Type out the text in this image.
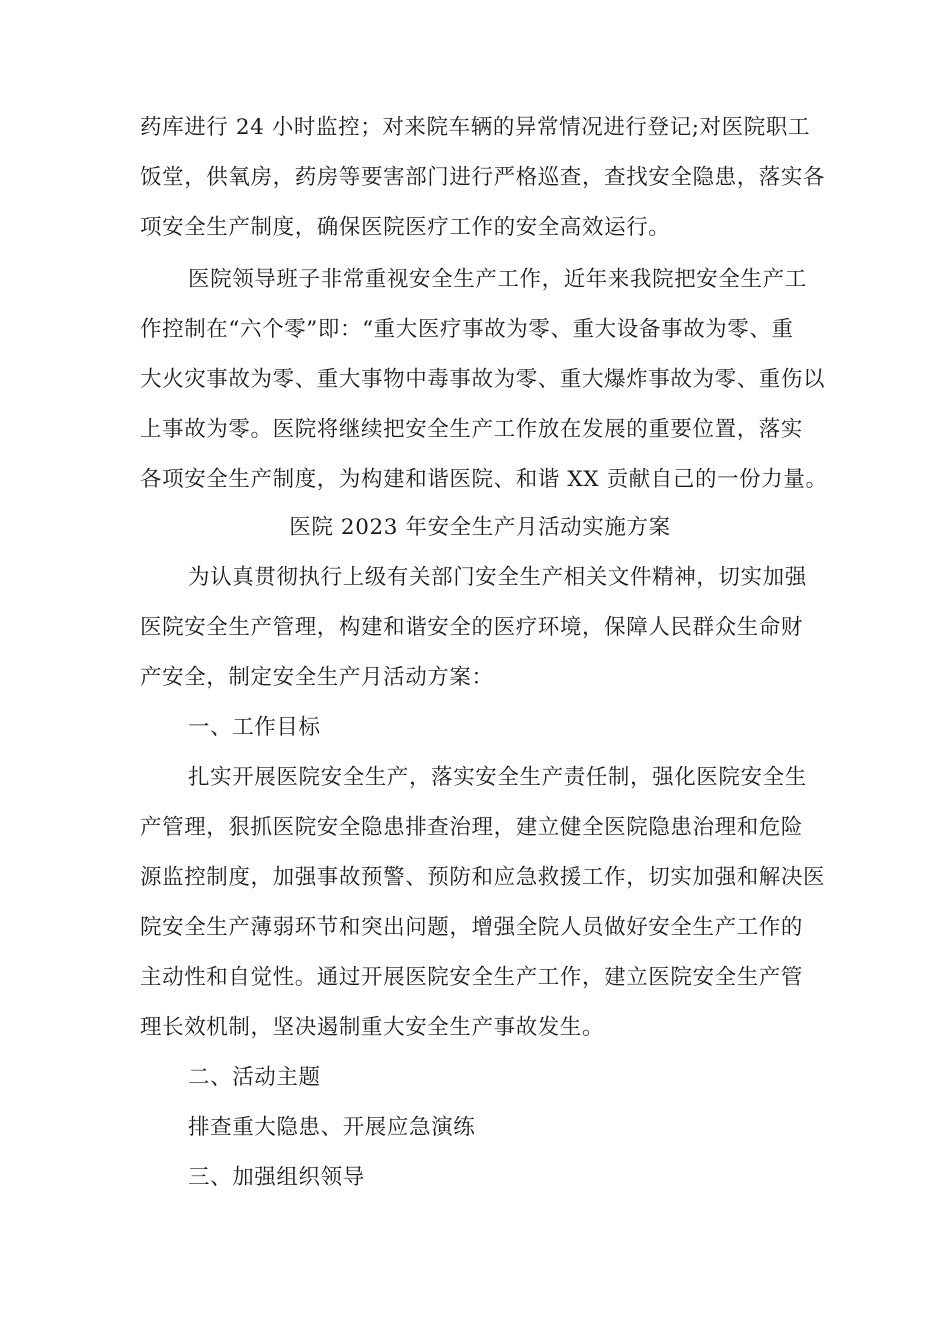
药库进行 24 小时监控；对来院车辆的异常情况进行登记;对医院职工
饭堂，供氧房，药房等要害部门进行严格巡查，查找安全隐患，落实各
项安全生产制度，确保医院医疗工作的安全高效运行。
医院领导班子非常重视安全生产工作，近年来我院把安全生产工
作控制在“六个零”即：“重大医疗事故为零、重大设备事故为零、重
大火灾事故为零、重大事物中毒事故为零、重大爆炸事故为零、重伤以
上事故为零。医院将继续把安全生产工作放在发展的重要位置，落实
各项安全生产制度，为构建和谐医院、和谐 XX 贡献自己的一份力量。
医院 2023 年安全生产月活动实施方案
为认真贯彻执行上级有关部门安全生产相关文件精神，切实加强
医院安全生产管理，构建和谐安全的医疗环境，保障人民群众生命财
产安全，制定安全生产月活动方案：
一、工作目标
扎实开展医院安全生产，落实安全生产责任制，强化医院安全生
产管理，狠抓医院安全隐患排查治理，建立健全医院隐患治理和危险
源监控制度，加强事故预警、预防和应急救援工作，切实加强和解决医
院安全生产薄弱环节和突出问题，增强全院人员做好安全生产工作的
主动性和自觉性。通过开展医院安全生产工作，建立医院安全生产管
理长效机制，坚决遏制重大安全生产事故发生。
二、活动主题
排查重大隐患、开展应急演练
三、加强组织领导
